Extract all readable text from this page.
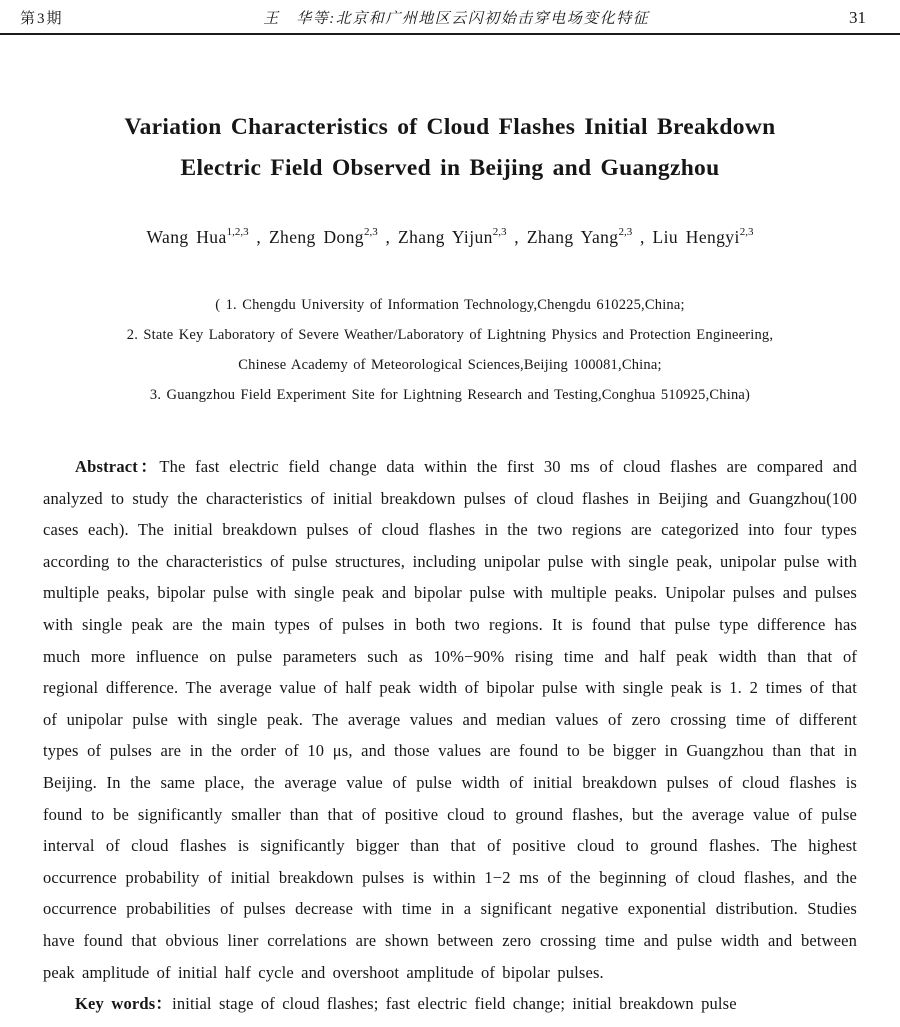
第3期	王　华等:北京和广州地区云闪初始击穿电场变化特征	31
Variation Characteristics of Cloud Flashes Initial Breakdown
Electric Field Observed in Beijing and Guangzhou
Wang Hua$^{1,2,3}$ , Zheng Dong$^{2,3}$ , Zhang Yijun$^{2,3}$ , Zhang Yang$^{2,3}$ , Liu Hengyi$^{2,3}$
( 1. Chengdu University of Information Technology,Chengdu 610225,China;
2. State Key Laboratory of Severe Weather/Laboratory of Lightning Physics and Protection Engineering,
Chinese Academy of Meteorological Sciences,Beijing 100081,China;
3. Guangzhou Field Experiment Site for Lightning Research and Testing,Conghua 510925,China)

Abstract：The fast electric field change data within the first 30 ms of cloud flashes are compared and analyzed to study the characteristics of initial breakdown pulses of cloud flashes in Beijing and Guangzhou(100 cases each). The initial breakdown pulses of cloud flashes in the two regions are categorized into four types according to the characteristics of pulse structures, including unipolar pulse with single peak, unipolar pulse with multiple peaks, bipolar pulse with single peak and bipolar pulse with multiple peaks. Unipolar pulses and pulses with single peak are the main types of pulses in both two regions. It is found that pulse type difference has much more influence on pulse parameters such as 10%−90% rising time and half peak width than that of regional difference. The average value of half peak width of bipolar pulse with single peak is 1. 2 times of that of unipolar pulse with single peak. The average values and median values of zero crossing time of different types of pulses are in the order of 10 μs, and those values are found to be bigger in Guangzhou than that in Beijing. In the same place, the average value of pulse width of initial breakdown pulses of cloud flashes is found to be significantly smaller than that of positive cloud to ground flashes, but the average value of pulse interval of cloud flashes is significantly bigger than that of positive cloud to ground flashes. The highest occurrence probability of initial breakdown pulses is within 1−2 ms of the beginning of cloud flashes, and the occurrence probabilities of pulses decrease with time in a significant negative exponential distribution. Studies have found that obvious liner correlations are shown between zero crossing time and pulse width and between peak amplitude of initial half cycle and overshoot amplitude of bipolar pulses.

Key words：initial stage of cloud flashes; fast electric field change; initial breakdown pulse
